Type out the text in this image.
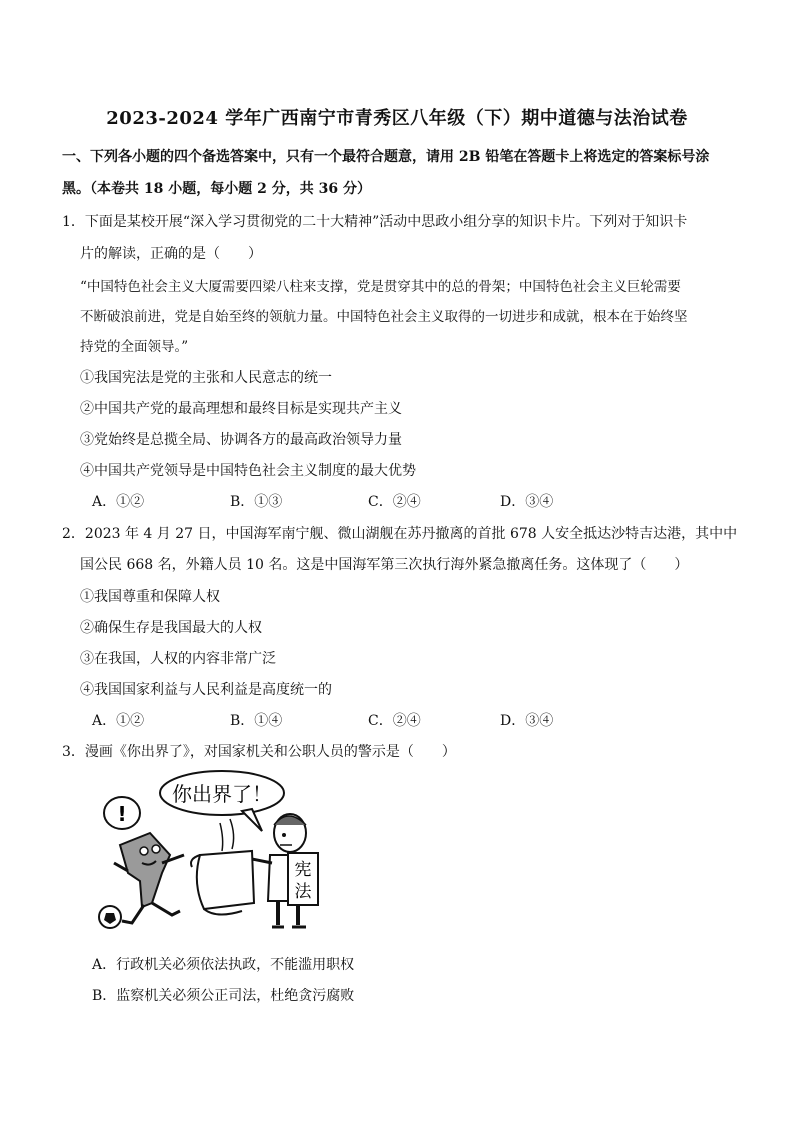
2023-2024 学年广西南宁市青秀区八年级（下）期中道德与法治试卷
一、下列各小题的四个备选答案中，只有一个最符合题意，请用 2B 铅笔在答题卡上将选定的答案标号涂
黑。（本卷共 18 小题，每小题 2 分，共 36 分）
1．下面是某校开展“深入学习贯彻党的二十大精神”活动中思政小组分享的知识卡片。下列对于知识卡
片的解读，正确的是（　　）
“中国特色社会主义大厦需要四梁八柱来支撑，党是贯穿其中的总的骨架；中国特色社会主义巨轮需要
不断破浪前进，党是自始至终的领航力量。中国特色社会主义取得的一切进步和成就，根本在于始终坚
持党的全面领导。”
①我国宪法是党的主张和人民意志的统一
②中国共产党的最高理想和最终目标是实现共产主义
③党始终是总揽全局、协调各方的最高政治领导力量
④中国共产党领导是中国特色社会主义制度的最大优势
A．①②	B．①③	C．②④	D．③④
2．2023 年 4 月 27 日，中国海军南宁舰、微山湖舰在苏丹撤离的首批 678 人安全抵达沙特吉达港，其中中
国公民 668 名，外籍人员 10 名。这是中国海军第三次执行海外紧急撤离任务。这体现了（　　）
①我国尊重和保障人权
②确保生存是我国最大的人权
③在我国，人权的内容非常广泛
④我国国家利益与人民利益是高度统一的
A．①②	B．①④	C．②④	D．③④
3．漫画《你出界了》，对国家机关和公职人员的警示是（　　）
你出界了！
!
宪
法
A．行政机关必须依法执政，不能滥用职权
B．监察机关必须公正司法，杜绝贪污腐败
